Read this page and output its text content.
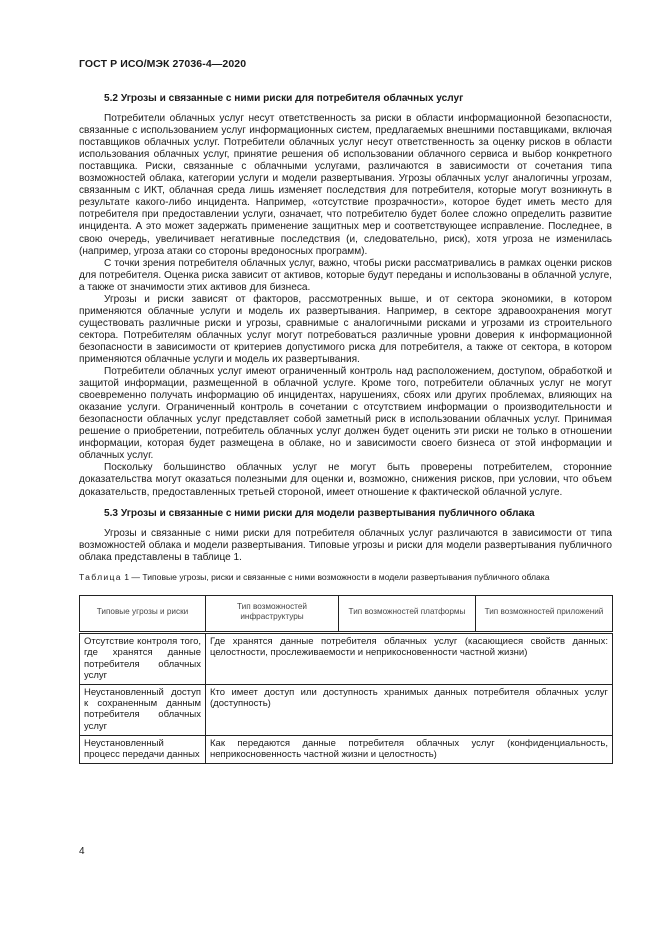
ГОСТ Р ИСО/МЭК 27036-4—2020
5.2 Угрозы и связанные с ними риски для потребителя облачных услуг

Потребители облачных услуг несут ответственность за риски в области информационной безопасности, связанные с использованием услуг информационных систем, предлагаемых внешними поставщиками, включая поставщиков облачных услуг. Потребители облачных услуг несут ответственность за оценку рисков в области использования облачных услуг, принятие решения об использовании облачного сервиса и выбор конкретного поставщика. Риски, связанные с облачными услугами, различаются в зависимости от сочетания типа возможностей облака, категории услуги и модели развертывания. Угрозы облачных услуг аналогичны угрозам, связанным с ИКТ, облачная среда лишь изменяет последствия для потребителя, которые могут возникнуть в результате какого-либо инцидента. Например, «отсутствие прозрачности», которое будет иметь место для потребителя при предоставлении услуги, означает, что потребителю будет более сложно определить развитие инцидента. А это может задержать применение защитных мер и соответствующее исправление. Последнее, в свою очередь, увеличивает негативные последствия (и, следовательно, риск), хотя угроза не изменилась (например, угроза атаки со стороны вредоносных программ).

С точки зрения потребителя облачных услуг, важно, чтобы риски рассматривались в рамках оценки рисков для потребителя. Оценка риска зависит от активов, которые будут переданы и использованы в облачной услуге, а также от значимости этих активов для бизнеса.

Угрозы и риски зависят от факторов, рассмотренных выше, и от сектора экономики, в котором применяются облачные услуги и модель их развертывания. Например, в секторе здравоохранения могут существовать различные риски и угрозы, сравнимые с аналогичными рисками и угрозами из строительного сектора. Потребителям облачных услуг могут потребоваться различные уровни доверия к информационной безопасности в зависимости от критериев допустимого риска для потребителя, а также от сектора, в котором применяются облачные услуги и модель их развертывания.

Потребители облачных услуг имеют ограниченный контроль над расположением, доступом, обработкой и защитой информации, размещенной в облачной услуге. Кроме того, потребители облачных услуг не могут своевременно получать информацию об инцидентах, нарушениях, сбоях или других проблемах, влияющих на оказание услуги. Ограниченный контроль в сочетании с отсутствием информации о производительности и безопасности облачных услуг представляет собой заметный риск в использовании облачных услуг. Принимая решение о приобретении, потребитель облачных услуг должен будет оценить эти риски не только в отношении информации, которая будет размещена в облаке, но и зависимости своего бизнеса от этой информации и облачных услуг.

Поскольку большинство облачных услуг не могут быть проверены потребителем, сторонние доказательства могут оказаться полезными для оценки и, возможно, снижения рисков, при условии, что объем доказательств, предоставленных третьей стороной, имеет отношение к фактической облачной услуге.

5.3 Угрозы и связанные с ними риски для модели развертывания публичного облака

Угрозы и связанные с ними риски для потребителя облачных услуг различаются в зависимости от типа возможностей облака и модели развертывания. Типовые угрозы и риски для модели развертывания публичного облака представлены в таблице 1.

Таблица 1 — Типовые угрозы, риски и связанные с ними возможности в модели развертывания публичного облака
Типовые угрозы и риски	Тип возможностей инфраструктуры	Тип возможностей платформы	Тип возможностей приложений
Отсутствие контроля того, где хранятся данные потребителя облачных услуг	Где хранятся данные потребителя облачных услуг (касающиеся свойств данных: целостности, прослеживаемости и неприкосновенности частной жизни)		
Неустановленный доступ к сохраненным данным потребителя облачных услуг	Кто имеет доступ или доступность хранимых данных потребителя облачных услуг (доступность)		
Неустановленный процесс передачи данных	Как передаются данные потребителя облачных услуг (конфиденциальность, неприкосновенность частной жизни и целостность)		
4
